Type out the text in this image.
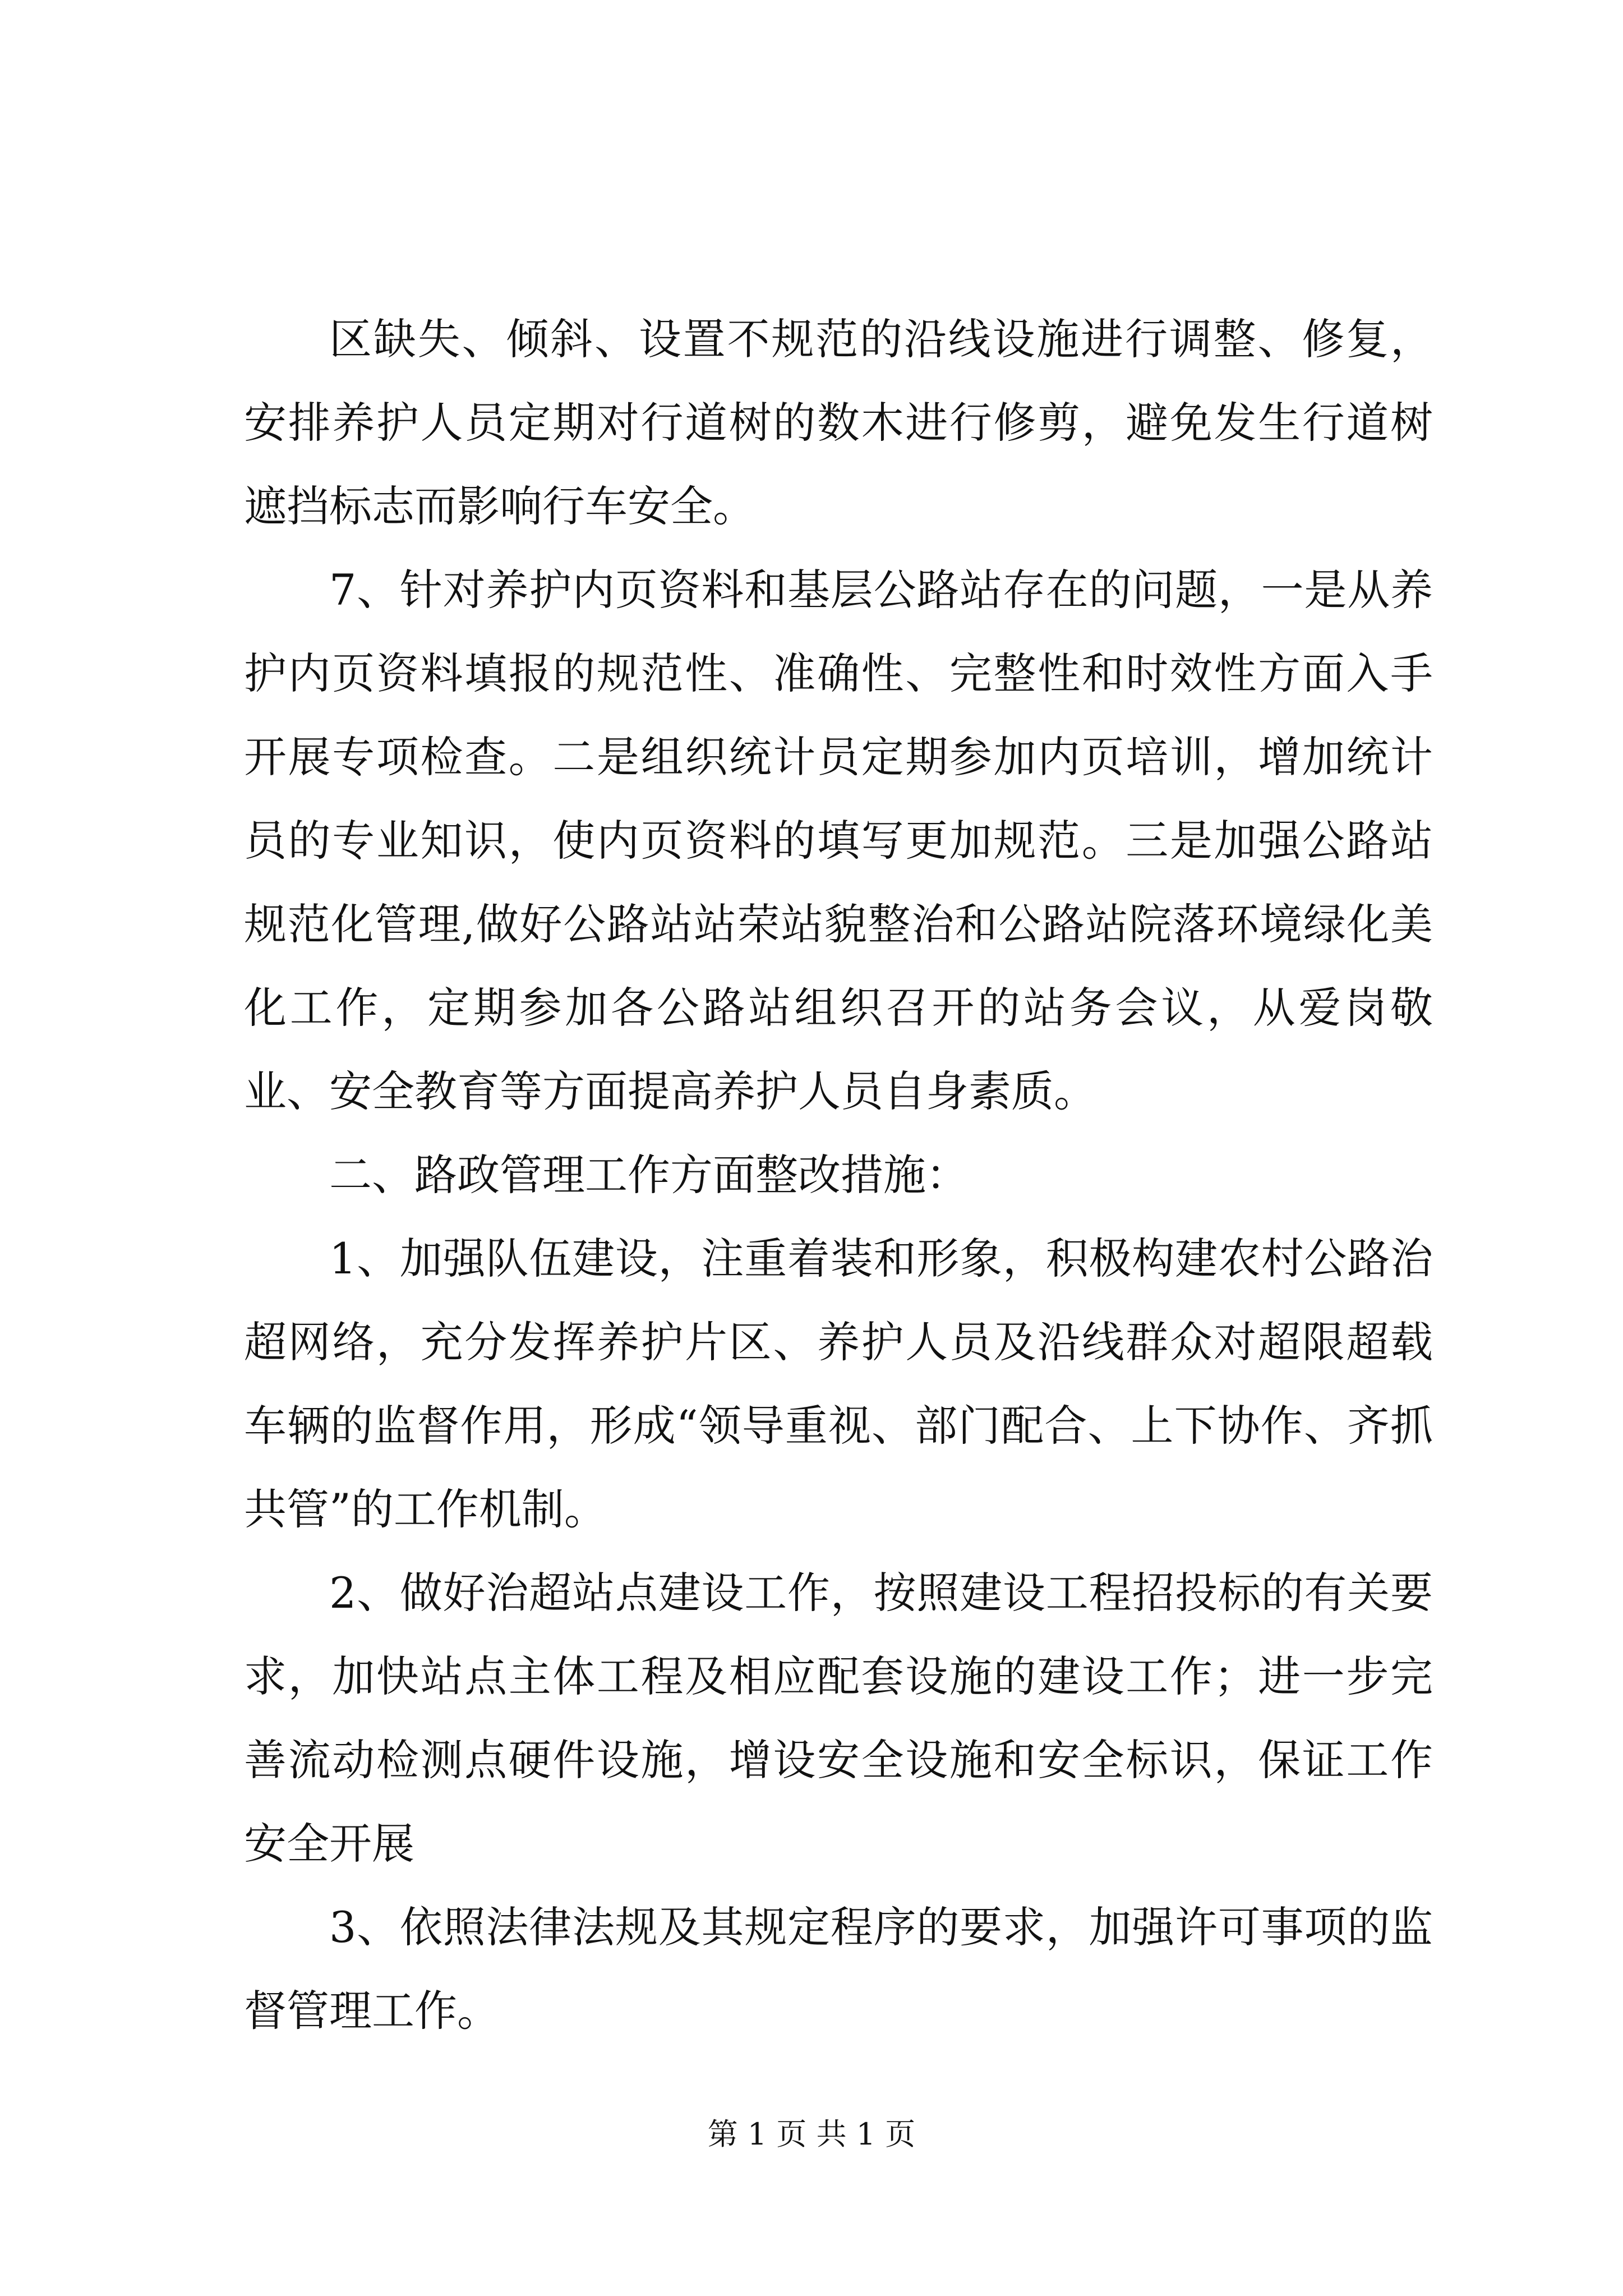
区缺失、倾斜、设置不规范的沿线设施进行调整、修复，安排养护人员定期对行道树的数木进行修剪，避免发生行道树遮挡标志而影响行车安全。

7、针对养护内页资料和基层公路站存在的问题，一是从养护内页资料填报的规范性、准确性、完整性和时效性方面入手开展专项检查。二是组织统计员定期参加内页培训，增加统计员的专业知识，使内页资料的填写更加规范。三是加强公路站规范化管理,做好公路站站荣站貌整治和公路站院落环境绿化美化工作，定期参加各公路站组织召开的站务会议，从爱岗敬业、安全教育等方面提高养护人员自身素质。

二、路政管理工作方面整改措施：

1、加强队伍建设，注重着装和形象，积极构建农村公路治超网络，充分发挥养护片区、养护人员及沿线群众对超限超载车辆的监督作用，形成“领导重视、部门配合、上下协作、齐抓共管”的工作机制。

2、做好治超站点建设工作，按照建设工程招投标的有关要求，加快站点主体工程及相应配套设施的建设工作；进一步完善流动检测点硬件设施，增设安全设施和安全标识，保证工作安全开展

3、依照法律法规及其规定程序的要求，加强许可事项的监督管理工作。

第 1 页 共 1 页
